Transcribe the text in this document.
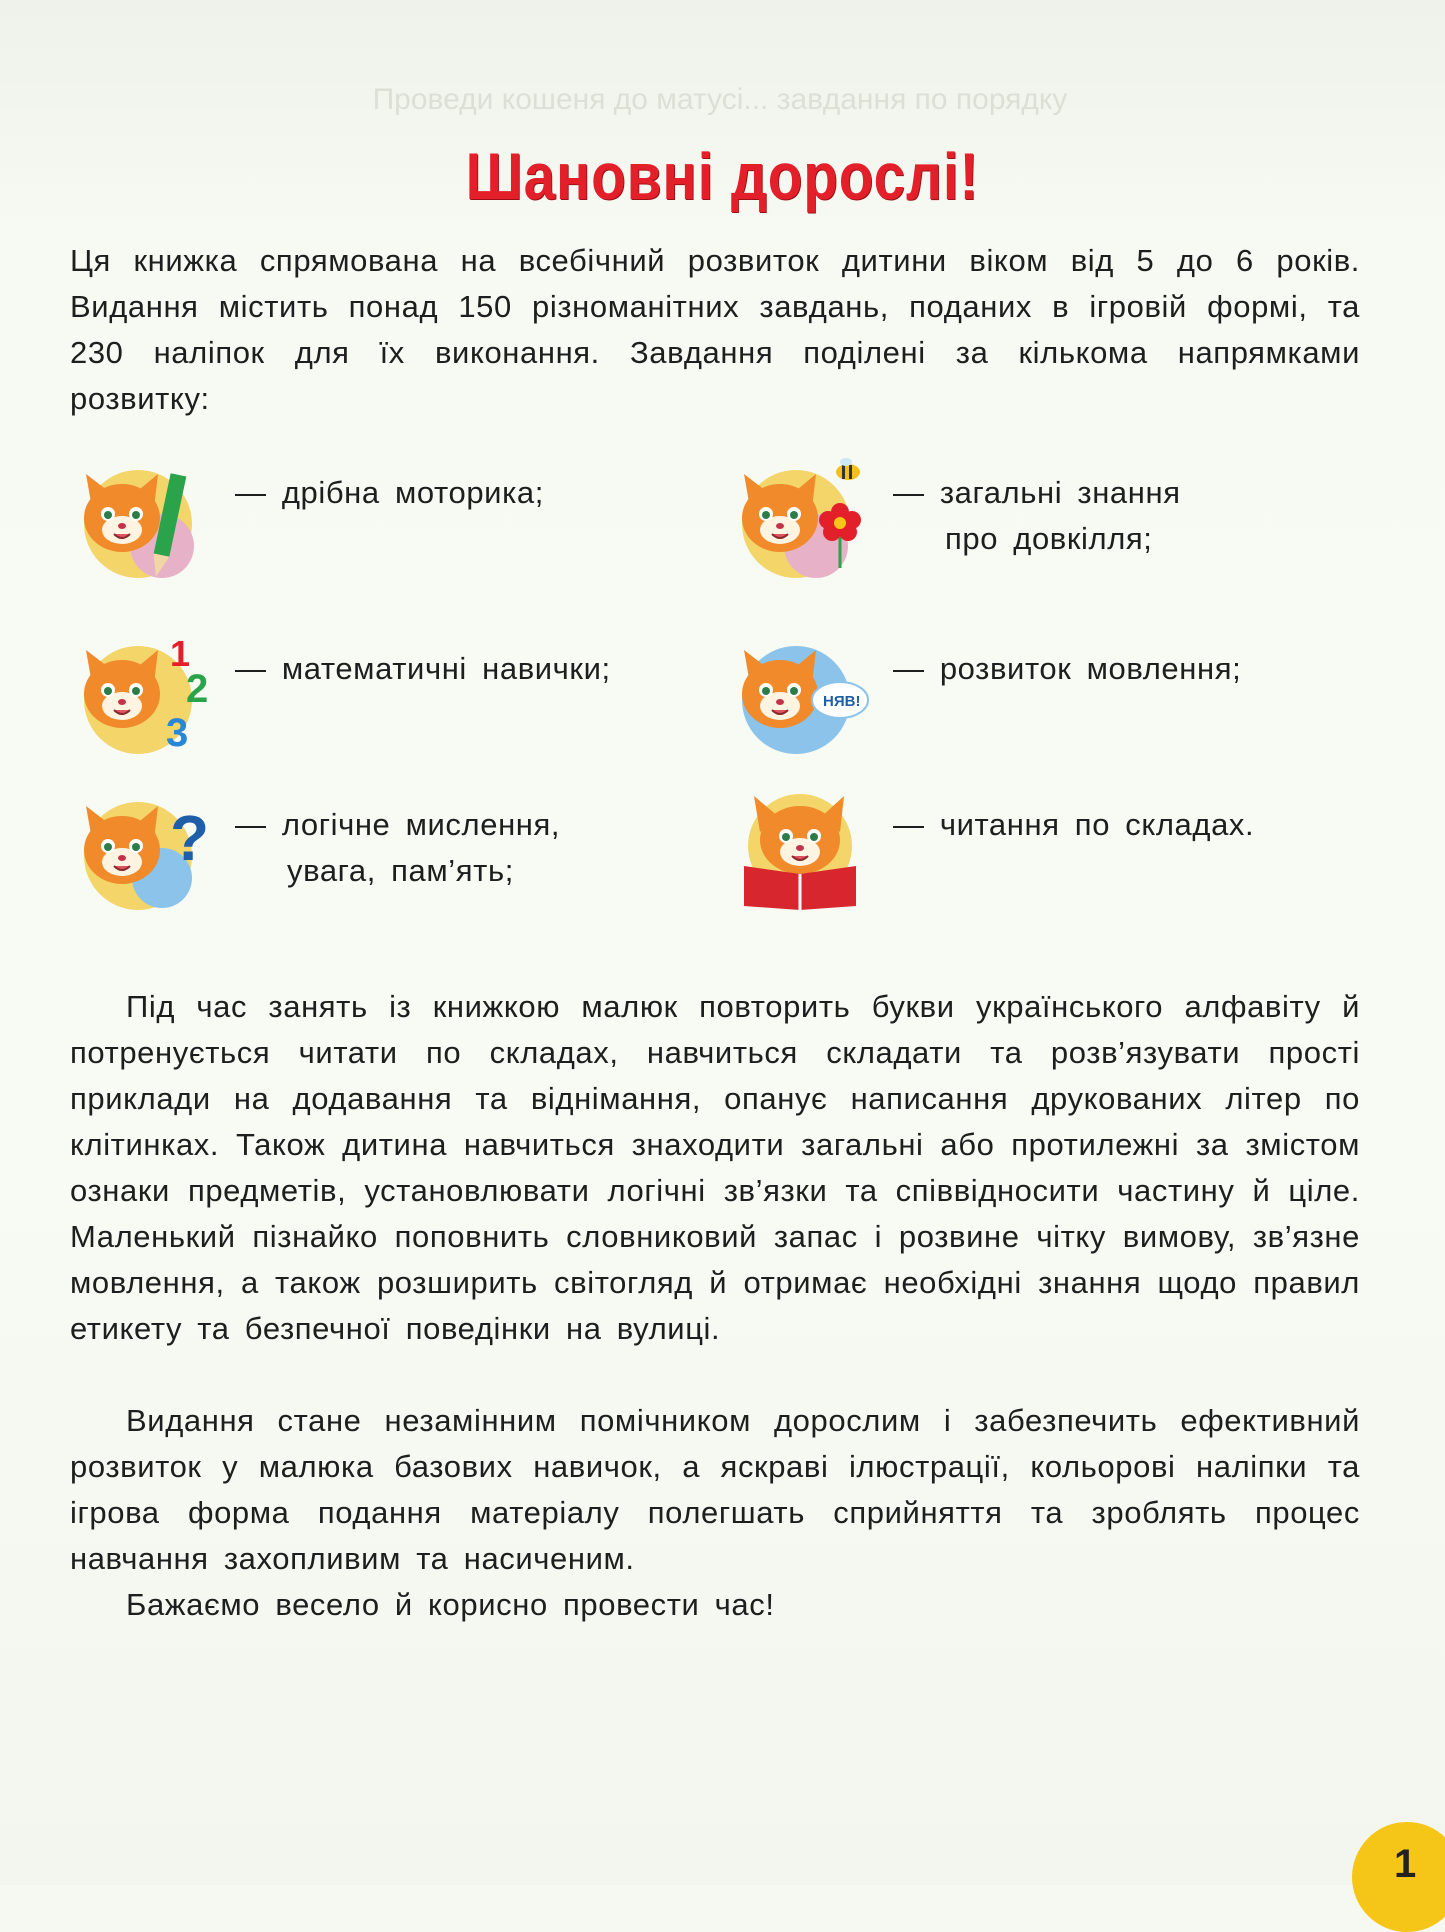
Проведи кошеня до матусі... завдання по порядку
Шановні дорослі!
Ця книжка спрямована на всебічний розвиток дитини віком від 5 до 6 років. Видання містить понад 150 різноманітних завдань, поданих в ігровій формі, та 230 наліпок для їх виконання. Завдання поділені за кількома напрямками розвитку:
— дрібна моторика;	— загальні знання
про довкілля;
1
2
3
— математичні навички;
НЯВ!
— розвиток мовлення;
? — логічне мислення,
увага, пам’ять;
— читання по складах.
Під час занять із книжкою малюк повторить букви українського алфавіту й потренується читати по складах, навчиться складати та розв’язувати прості приклади на додавання та віднімання, опанує написання друкованих літер по клітинках. Також дитина навчиться знаходити загальні або протилежні за змістом ознаки предметів, установлювати логічні зв’язки та співвідносити частину й ціле. Маленький пізнайко поповнить словниковий запас і розвине чітку вимову, зв’язне мовлення, а також розширить світогляд й отримає необхідні знання щодо правил етикету та безпечної поведінки на вулиці.
Видання стане незамінним помічником дорослим і забезпечить ефективний розвиток у малюка базових навичок, а яскраві ілюстрації, кольорові наліпки та ігрова форма подання матеріалу полегшать сприйняття та зроблять процес навчання захопливим та насиченим.
Бажаємо весело й корисно провести час!
1
